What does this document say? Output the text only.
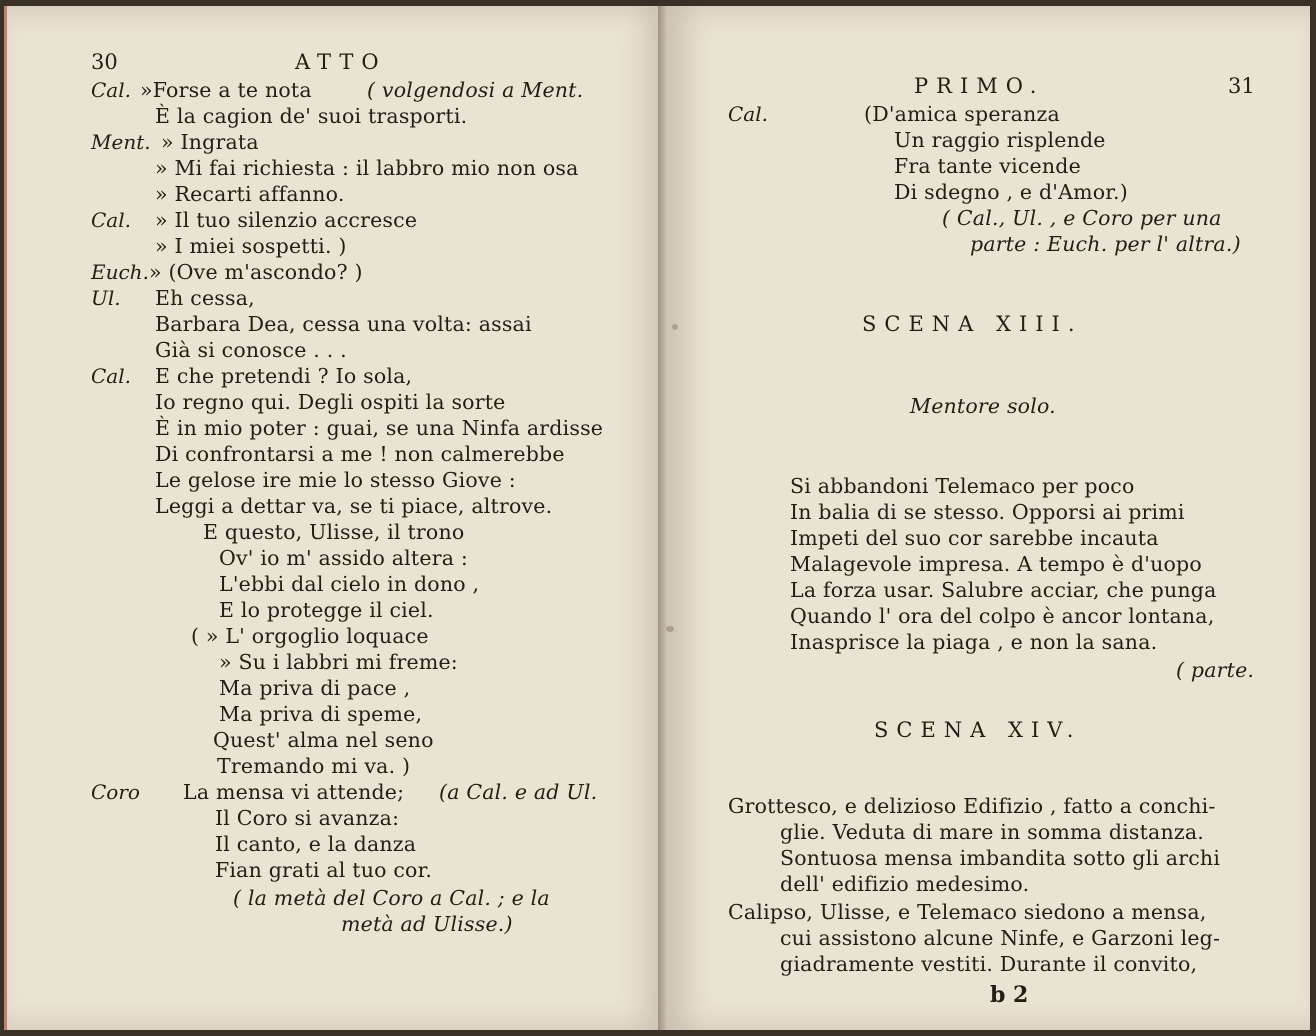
30	ATTO
Cal. »Forse a te nota	( volgendosi a Ment.
È la cagion de' suoi trasporti.
Ment. » Ingrata
» Mi fai richiesta : il labbro mio non osa
» Recarti affanno.
Cal. » Il tuo silenzio accresce
» I miei sospetti. )
Euch. » (Ove m'ascondo? )
Ul. Eh cessa,
Barbara Dea, cessa una volta: assai
Già si conosce . . .
Cal. E che pretendi ? Io sola,
Io regno qui. Degli ospiti la sorte
È in mio poter : guai, se una Ninfa ardisse
Di confrontarsi a me ! non calmerebbe
Le gelose ire mie lo stesso Giove :
Leggi a dettar va, se ti piace, altrove.
E questo, Ulisse, il trono
Ov' io m' assido altera :
L'ebbi dal cielo in dono ,
E lo protegge il ciel.
( » L' orgoglio loquace
» Su i labbri mi freme:
Ma priva di pace ,
Ma priva di speme,
Quest' alma nel seno
Tremando mi va. )
Coro La mensa vi attende; (a Cal. e ad Ul.
Il Coro si avanza:
Il canto, e la danza
Fian grati al tuo cor.
( la metà del Coro a Cal. ; e la
metà ad Ulisse.)
PRIMO.	31
Cal.	(D'amica speranza
Un raggio risplende
Fra tante vicende
Di sdegno , e d'Amor.)
( Cal., Ul. , e Coro per una
parte : Euch. per l' altra.)
SCENA XIII.
Mentore solo.
Si abbandoni Telemaco per poco
In balia di se stesso. Opporsi ai primi
Impeti del suo cor sarebbe incauta
Malagevole impresa. A tempo è d'uopo
La forza usar. Salubre acciar, che punga
Quando l' ora del colpo è ancor lontana,
Inasprisce la piaga , e non la sana.
( parte.
SCENA XIV.
Grottesco, e delizioso Edifizio , fatto a conchi-
glie. Veduta di mare in somma distanza.
Sontuosa mensa imbandita sotto gli archi
dell' edifizio medesimo.
Calipso, Ulisse, e Telemaco siedono a mensa,
cui assistono alcune Ninfe, e Garzoni leg-
giadramente vestiti. Durante il convito,
b 2
